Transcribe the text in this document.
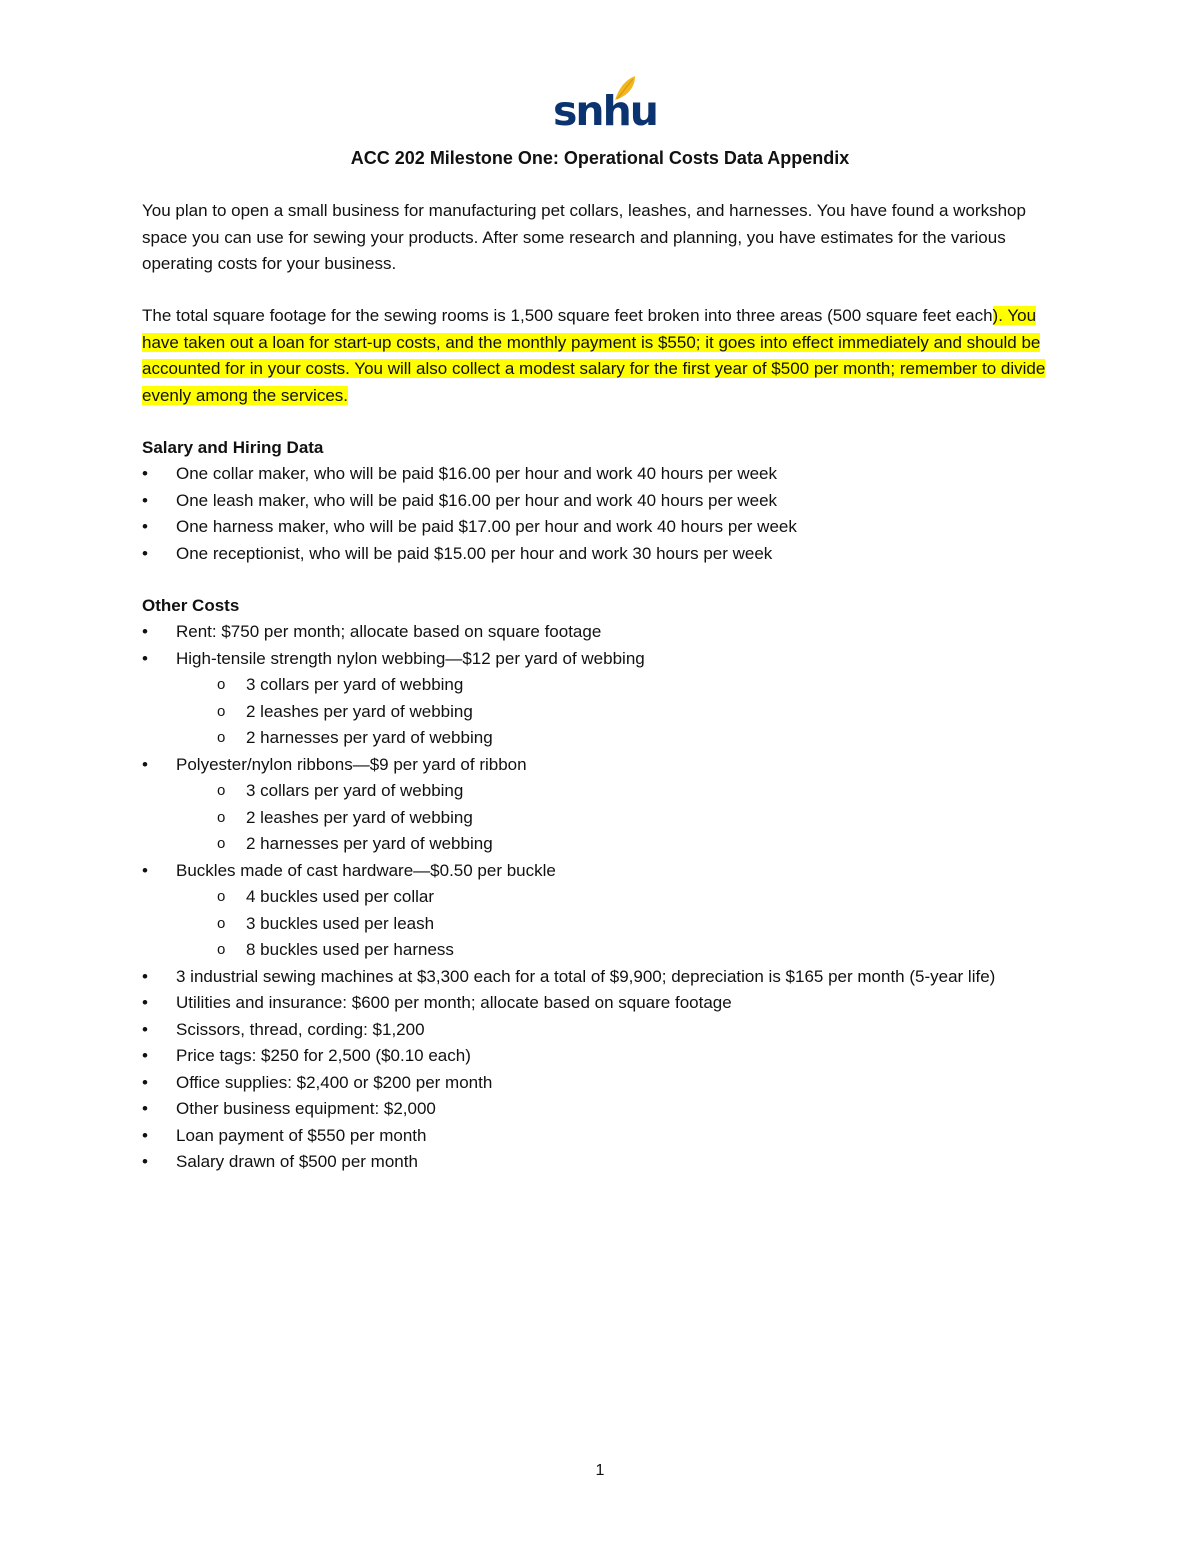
snhu
ACC 202 Milestone One: Operational Costs Data Appendix

You plan to open a small business for manufacturing pet collars, leashes, and harnesses. You have found a workshop space you can use for sewing your products. After some research and planning, you have estimates for the various operating costs for your business.

The total square footage for the sewing rooms is 1,500 square feet broken into three areas (500 square feet each). You have taken out a loan for start-up costs, and the monthly payment is $550; it goes into effect immediately and should be accounted for in your costs. You will also collect a modest salary for the first year of $500 per month; remember to divide evenly among the services.

Salary and Hiring Data
• One collar maker, who will be paid $16.00 per hour and work 40 hours per week
• One leash maker, who will be paid $16.00 per hour and work 40 hours per week
• One harness maker, who will be paid $17.00 per hour and work 40 hours per week
• One receptionist, who will be paid $15.00 per hour and work 30 hours per week
Other Costs
• Rent: $750 per month; allocate based on square footage
• High-tensile strength nylon webbing—$12 per yard of webbing
o 3 collars per yard of webbing
o 2 leashes per yard of webbing
o 2 harnesses per yard of webbing
• Polyester/nylon ribbons—$9 per yard of ribbon
o 3 collars per yard of webbing
o 2 leashes per yard of webbing
o 2 harnesses per yard of webbing
• Buckles made of cast hardware—$0.50 per buckle
o 4 buckles used per collar
o 3 buckles used per leash
o 8 buckles used per harness
• 3 industrial sewing machines at $3,300 each for a total of $9,900; depreciation is $165 per month (5-year life)
• Utilities and insurance: $600 per month; allocate based on square footage
• Scissors, thread, cording: $1,200
• Price tags: $250 for 2,500 ($0.10 each)
• Office supplies: $2,400 or $200 per month
• Other business equipment: $2,000
• Loan payment of $550 per month
• Salary drawn of $500 per month
1
